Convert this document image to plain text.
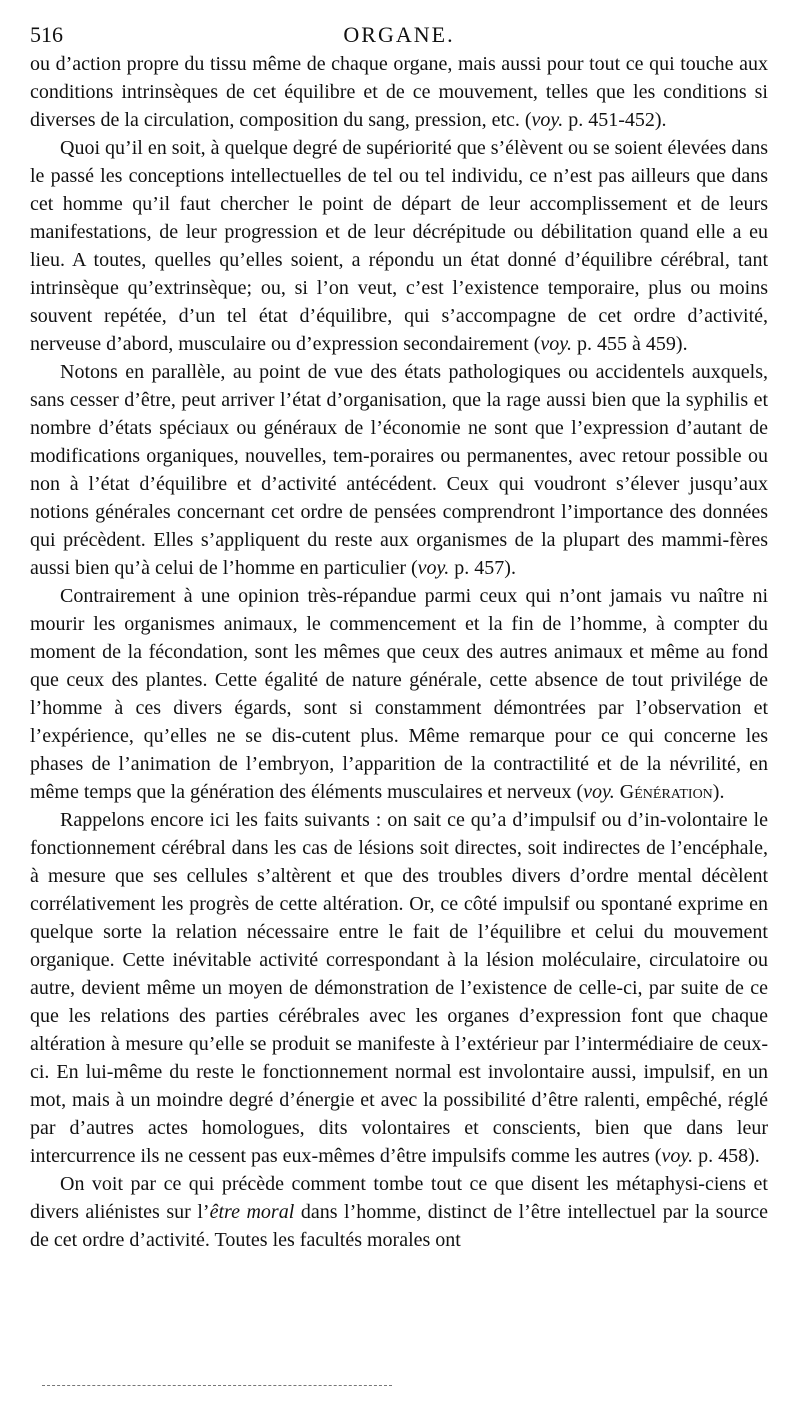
516	ORGANE.

ou d’action propre du tissu même de chaque organe, mais aussi pour tout ce qui touche aux conditions intrinsèques de cet équilibre et de ce mouvement, telles que les conditions si diverses de la circulation, composition du sang, pression, etc. (voy. p. 451-452).

Quoi qu’il en soit, à quelque degré de supériorité que s’élèvent ou se soient élevées dans le passé les conceptions intellectuelles de tel ou tel individu, ce n’est pas ailleurs que dans cet homme qu’il faut chercher le point de départ de leur accomplissement et de leurs manifestations, de leur progression et de leur décrépitude ou débilitation quand elle a eu lieu. A toutes, quelles qu’elles soient, a répondu un état donné d’équilibre cérébral, tant intrinsèque qu’extrinsèque; ou, si l’on veut, c’est l’existence temporaire, plus ou moins souvent repétée, d’un tel état d’équilibre, qui s’accompagne de cet ordre d’activité, nerveuse d’abord, musculaire ou d’expression secondairement (voy. p. 455 à 459).

Notons en parallèle, au point de vue des états pathologiques ou accidentels auxquels, sans cesser d’être, peut arriver l’état d’organisation, que la rage aussi bien que la syphilis et nombre d’états spéciaux ou généraux de l’économie ne sont que l’expression d’autant de modifications organiques, nouvelles, tem-poraires ou permanentes, avec retour possible ou non à l’état d’équilibre et d’activité antécédent. Ceux qui voudront s’élever jusqu’aux notions générales concernant cet ordre de pensées comprendront l’importance des données qui précèdent. Elles s’appliquent du reste aux organismes de la plupart des mammi-fères aussi bien qu’à celui de l’homme en particulier (voy. p. 457).

Contrairement à une opinion très-répandue parmi ceux qui n’ont jamais vu naître ni mourir les organismes animaux, le commencement et la fin de l’homme, à compter du moment de la fécondation, sont les mêmes que ceux des autres animaux et même au fond que ceux des plantes. Cette égalité de nature générale, cette absence de tout privilége de l’homme à ces divers égards, sont si constamment démontrées par l’observation et l’expérience, qu’elles ne se dis-cutent plus. Même remarque pour ce qui concerne les phases de l’animation de l’embryon, l’apparition de la contractilité et de la névrilité, en même temps que la génération des éléments musculaires et nerveux (voy. Génération).

Rappelons encore ici les faits suivants : on sait ce qu’a d’impulsif ou d’in-volontaire le fonctionnement cérébral dans les cas de lésions soit directes, soit indirectes de l’encéphale, à mesure que ses cellules s’altèrent et que des troubles divers d’ordre mental décèlent corrélativement les progrès de cette altération. Or, ce côté impulsif ou spontané exprime en quelque sorte la relation nécessaire entre le fait de l’équilibre et celui du mouvement organique. Cette inévitable activité correspondant à la lésion moléculaire, circulatoire ou autre, devient même un moyen de démonstration de l’existence de celle-ci, par suite de ce que les relations des parties cérébrales avec les organes d’expression font que chaque altération à mesure qu’elle se produit se manifeste à l’extérieur par l’intermédiaire de ceux-ci. En lui-même du reste le fonctionnement normal est involontaire aussi, impulsif, en un mot, mais à un moindre degré d’énergie et avec la possibilité d’être ralenti, empêché, réglé par d’autres actes homologues, dits volontaires et conscients, bien que dans leur intercurrence ils ne cessent pas eux-mêmes d’être impulsifs comme les autres (voy. p. 458).

On voit par ce qui précède comment tombe tout ce que disent les métaphysi-ciens et divers aliénistes sur l’être moral dans l’homme, distinct de l’être intellectuel par la source de cet ordre d’activité. Toutes les facultés morales ont
